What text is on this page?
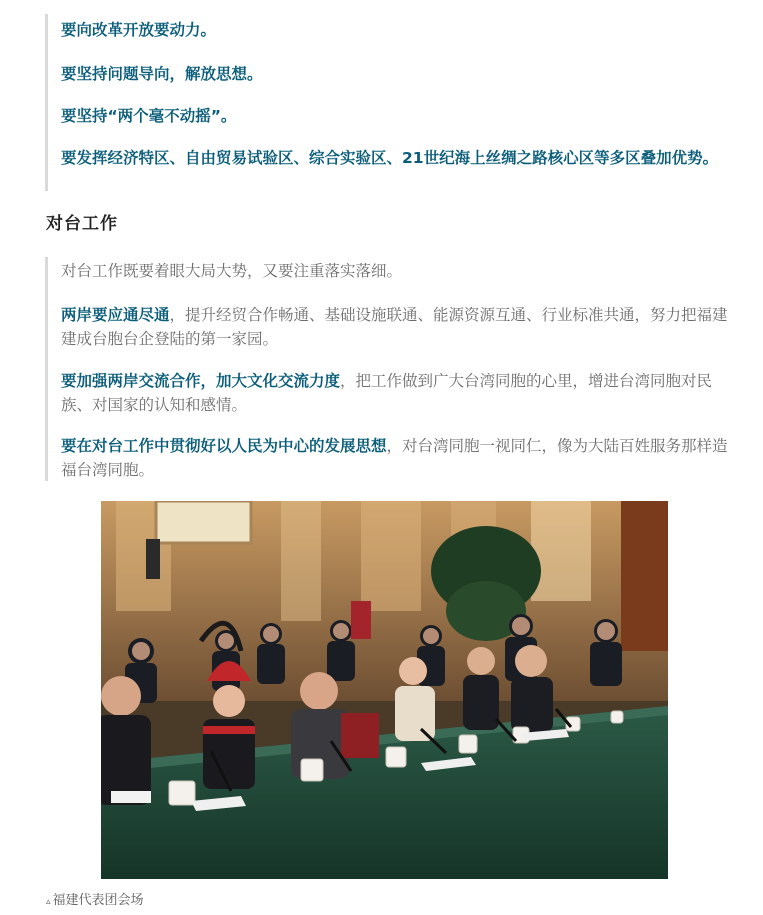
要向改革开放要动力。

要坚持问题导向，解放思想。

要坚持“两个毫不动摇”。

要发挥经济特区、自由贸易试验区、综合实验区、21世纪海上丝绸之路核心区等多区叠加优势。

对台工作

对台工作既要着眼大局大势，又要注重落实落细。

两岸要应通尽通，提升经贸合作畅通、基础设施联通、能源资源互通、行业标准共通，努力把福建建成台胞台企登陆的第一家园。

要加强两岸交流合作，加大文化交流力度，把工作做到广大台湾同胞的心里，增进台湾同胞对民族、对国家的认知和感情。

要在对台工作中贯彻好以人民为中心的发展思想，对台湾同胞一视同仁，像为大陆百姓服务那样造福台湾同胞。

▵ 福建代表团会场
